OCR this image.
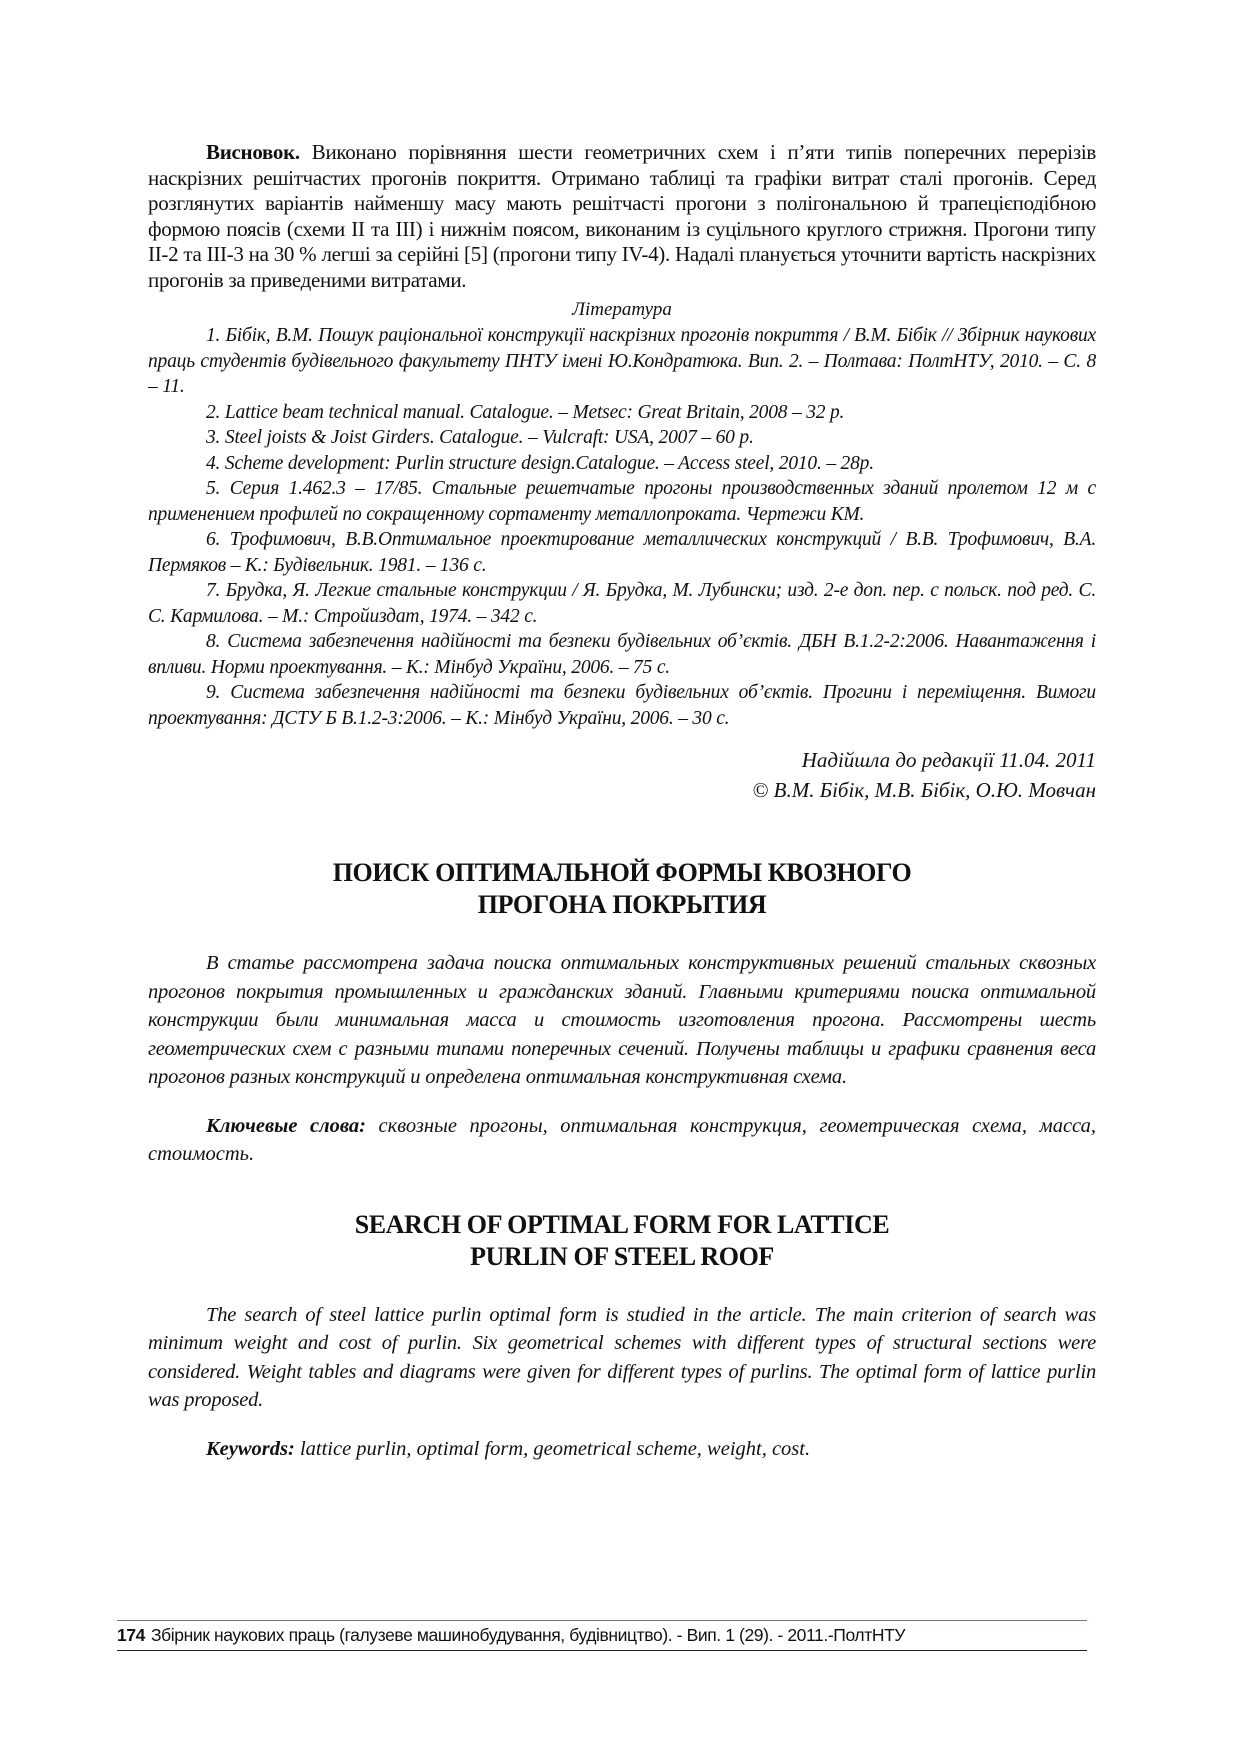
Висновок. Виконано порівняння шести геометричних схем і п’яти типів поперечних перерізів наскрізних решітчастих прогонів покриття. Отримано таблиці та графіки витрат сталі прогонів. Серед розглянутих варіантів найменшу масу мають решітчасті прогони з полігональною й трапецієподібною формою поясів (схеми II та III) і нижнім поясом, виконаним із суцільного круглого стрижня. Прогони типу II-2 та III-3 на 30 % легші за серійні [5] (прогони типу IV-4). Надалі планується уточнити вартість наскрізних прогонів за приведеними витратами.

Література

1. Бібік, В.М. Пошук раціональної конструкції наскрізних прогонів покриття / В.М. Бібік // Збірник наукових праць студентів будівельного факультету ПНТУ імені Ю.Кондратюка. Вип. 2. – Полтава: ПолтНТУ, 2010. – С. 8 – 11.

2. Lattice beam technical manual. Catalogue. – Metsec: Great Britain, 2008 – 32 p.

3. Steel joists & Joist Girders. Catalogue. – Vulcraft: USA, 2007 – 60 p.

4. Scheme development: Purlin structure design.Catalogue. – Access steel, 2010. – 28p.

5. Серия 1.462.3 – 17/85. Стальные решетчатые прогоны производственных зданий пролетом 12 м с применением профилей по сокращенному сортаменту металлопроката. Чертежи КМ.

6. Трофимович, В.В.Оптимальное проектирование металлических конструкций / В.В. Трофимович, В.А. Пермяков – К.: Будівельник. 1981. – 136 с.

7. Брудка, Я. Легкие стальные конструкции / Я. Брудка, М. Лубински; изд. 2-е доп. пер. с польск. под ред. С. С. Кармилова. – М.: Стройиздат, 1974. – 342 с.

8. Система забезпечення надійності та безпеки будівельних об’єктів. ДБН В.1.2-2:2006. Навантаження і впливи. Норми проектування. – К.: Мінбуд України, 2006. – 75 с.

9. Система забезпечення надійності та безпеки будівельних об’єктів. Прогини і переміщення. Вимоги проектування: ДСТУ Б В.1.2-3:2006. – К.: Мінбуд України, 2006. – 30 с.

Надійшла до редакції 11.04. 2011
© В.М. Бібік, М.В. Бібік, О.Ю. Мовчан
ПОИСК ОПТИМАЛЬНОЙ ФОРМЫ КВОЗНОГО
ПРОГОНА ПОКРЫТИЯ

В статье рассмотрена задача поиска оптимальных конструктивных решений стальных сквозных прогонов покрытия промышленных и гражданских зданий. Главными критериями поиска оптимальной конструкции были минимальная масса и стоимость изготовления прогона. Рассмотрены шесть геометрических схем с разными типами поперечных сечений. Получены таблицы и графики сравнения веса прогонов разных конструкций и определена оптимальная конструктивная схема.

Ключевые слова: сквозные прогоны, оптимальная конструкция, геометрическая схема, масса, стоимость.

SEARCH OF OPTIMAL FORM FOR LATTICE
PURLIN OF STEEL ROOF

The search of steel lattice purlin optimal form is studied in the article. The main criterion of search was minimum weight and cost of purlin. Six geometrical schemes with different types of structural sections were considered. Weight tables and diagrams were given for different types of purlins. The optimal form of lattice purlin was proposed.

Keywords: lattice purlin, optimal form, geometrical scheme, weight, cost.

174 Збірник наукових праць (галузеве машинобудування, будівництво). - Вип. 1 (29). - 2011.-ПолтНТУ
